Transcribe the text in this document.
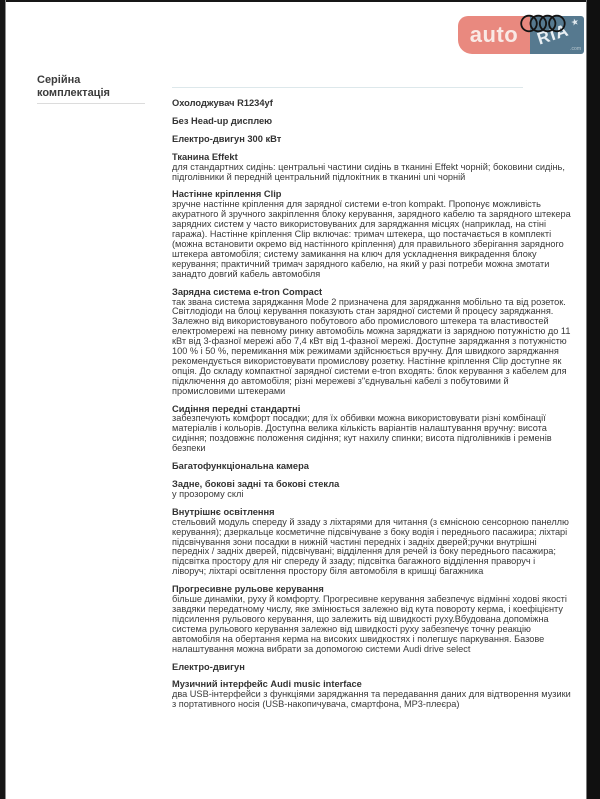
auto RIA
★
.com
Серійна комплектація
Охолоджувач R1234yf
Без Head-up дисплею
Електро-двигун 300 кВт
Тканина Effekt
для стандартних сидінь: центральні частини сидінь в тканині Effekt чорній; боковини сидінь, підголівники й передній центральний підлокітник в тканині uni чорній
Настінне кріплення Clip
зручне настінне кріплення для зарядної системи e-tron kompakt. Пропонує можливість акуратного й зручного закріплення блоку керування, зарядного кабелю та зарядного штекера зарядних систем у часто використовуваних для заряджання місцях (наприклад, на стіні гаража). Настінне кріплення Clip включає: тримач штекера, що постачається в комплекті (можна встановити окремо від настінного кріплення) для правильного зберігання зарядного штекера автомобіля; систему замикання на ключ для ускладнення викрадення блоку керування; практичний тримач зарядного кабелю, на який у разі потреби можна змотати занадто довгий кабель автомобіля
Зарядна система e-tron Compact
так звана система заряджання Mode 2 призначена для заряджання мобільно та від розеток. Світлодіоди на блоці керування показують стан зарядної системи й процесу заряджання. Залежно від використовуваного побутового або промислового штекера та властивостей електромережі на певному ринку автомобіль можна заряджати із зарядною потужністю до 11 кВт від 3-фазної мережі або 7,4 кВт від 1-фазної мережі. Доступне заряджання з потужністю 100 % і 50 %, перемикання між режимами здійснюється вручну. Для швидкого заряджання рекомендується використовувати промислову розетку. Настінне кріплення Clip доступне як опція. До складу компактної зарядної системи e-tron входять: блок керування з кабелем для підключення до автомобіля; різні мережеві з"єднувальні кабелі з побутовими й промисловими штекерами
Сидіння передні стандартні
забезпечують комфорт посадки; для їх оббивки можна використовувати різні комбінації матеріалів і кольорів. Доступна велика кількість варіантів налаштування вручну: висота сидіння; поздовжнє положення сидіння; кут нахилу спинки; висота підголівників і ременів безпеки
Багатофункціональна камера
Задне, бокові задні та бокові стекла
у прозорому склі
Внутрішнє освітлення
стельовий модуль спереду й ззаду з ліхтарями для читання (з ємнісною сенсорною панеллю керування); дзеркальце косметичне підсвічуване з боку водія і переднього пасажира; ліхтарі підсвічування зони посадки в нижній частині передніх і задніх дверей;ручки внутрішні передніх / задніх дверей, підсвічувані; відділення для речей із боку переднього пасажира; підсвітка простору для ніг спереду й ззаду; підсвітка багажного відділення праворуч і ліворуч; ліхтарі освітлення простору біля автомобіля в кришці багажника
Прогресивне рульове керування
більше динаміки, руху й комфорту. Прогресивне керування забезпечує відмінні ходові якості завдяки передатному числу, яке змінюється залежно від кута повороту керма, і коефіцієнту підсилення рульового керування, що залежить від швидкості руху.Вбудована допоміжна система рульового керування залежно від швидкості руху забезпечує точну реакцію автомобіля на обертання керма на високих швидкостях і полегшує паркування. Базове налаштування можна вибрати за допомогою системи Audi drive select
Електро-двигун
Музичний інтерфейс Audi music interface
два USB-інтерфейси з функціями заряджання та передавання даних для відтворення музики з портативного носія (USB-накопичувача, смартфона, MP3-плеєра)
